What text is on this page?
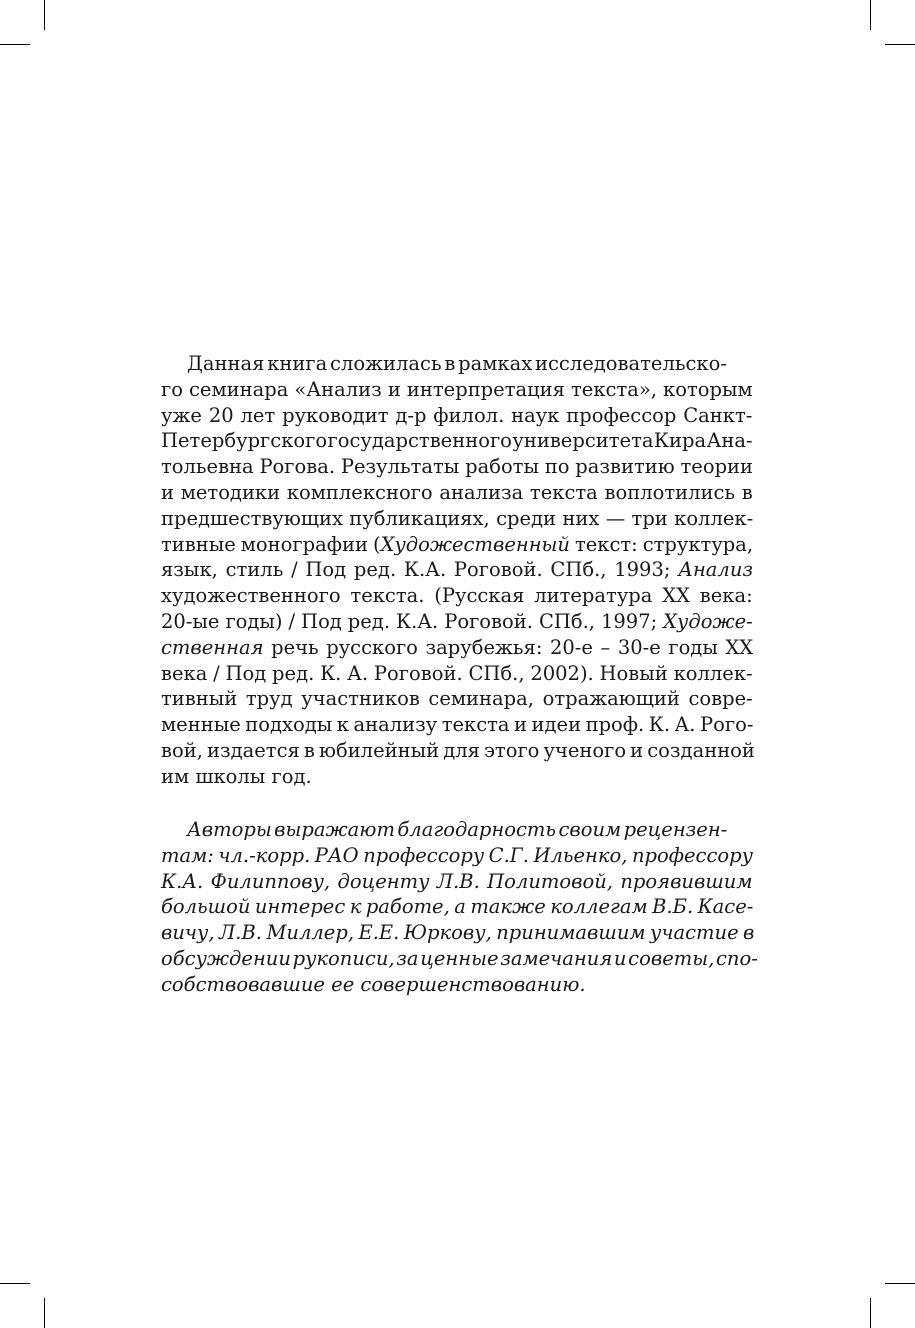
Данная книга сложилась в рамках исследовательско-
го семинара «Анализ и интерпретация текста», которым
уже 20 лет руководит д-р филол. наук профессор Санкт-
Петербургского государственного университета Кира Ана-
тольевна Рогова. Результаты работы по развитию теории
и методики комплексного анализа текста воплотились в
предшествующих публикациях, среди них — три коллек-
тивные монографии (Художественный текст: структура,
язык, стиль / Под ред. К.А. Роговой. СПб., 1993; Анализ
художественного текста. (Русская литература XX века:
20-ые годы) / Под ред. К.А. Роговой. СПб., 1997; Художе-
ственная речь русского зарубежья: 20-е – 30-е годы XX
века / Под ред. К. А. Роговой. СПб., 2002). Новый коллек-
тивный труд участников семинара, отражающий совре-
менные подходы к анализу текста и идеи проф. К. А. Рого-
вой, издается в юбилейный для этого ученого и созданной
им школы год.
Авторы выражают благодарность своим рецензен-
там: чл.-корр. РАО профессору С.Г. Ильенко, профессору
К.А. Филиппову, доценту Л.В. Политовой, проявившим
большой интерес к работе, а также коллегам В.Б. Касе-
вичу, Л.В. Миллер, Е.Е. Юркову, принимавшим участие в
обсуждении рукописи, за ценные замечания и советы, спо-
собствовавшие ее совершенствованию.
